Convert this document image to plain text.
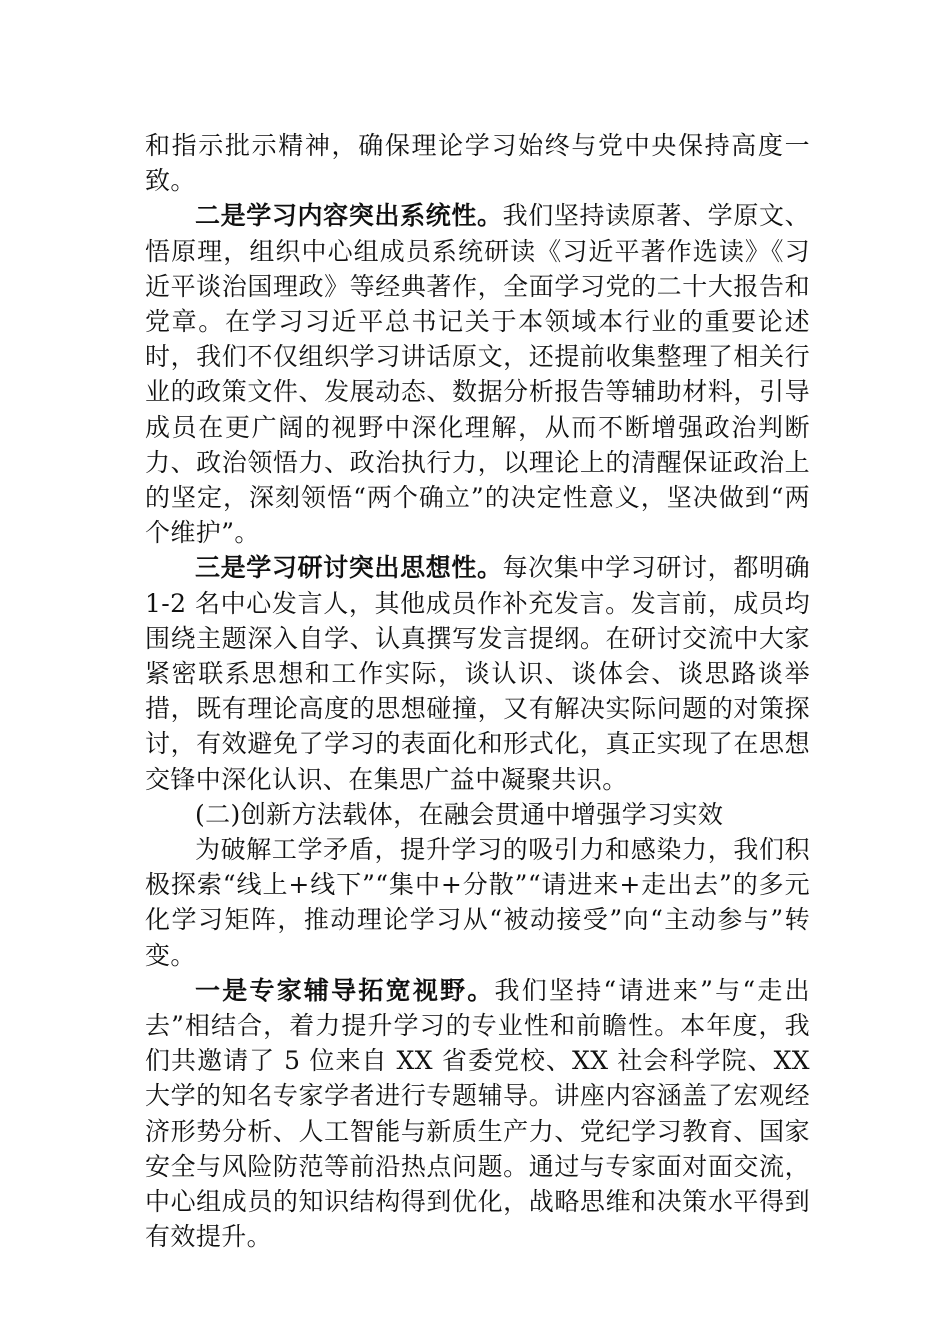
和指示批示精神，确保理论学习始终与党中央保持高度一致。

二是学习内容突出系统性。我们坚持读原著、学原文、悟原理，组织中心组成员系统研读《习近平著作选读》《习近平谈治国理政》等经典著作，全面学习党的二十大报告和党章。在学习习近平总书记关于本领域本行业的重要论述时，我们不仅组织学习讲话原文，还提前收集整理了相关行业的政策文件、发展动态、数据分析报告等辅助材料，引导成员在更广阔的视野中深化理解，从而不断增强政治判断力、政治领悟力、政治执行力，以理论上的清醒保证政治上的坚定，深刻领悟“两个确立”的决定性意义，坚决做到“两个维护”。

三是学习研讨突出思想性。每次集中学习研讨，都明确 1-2 名中心发言人，其他成员作补充发言。发言前，成员均围绕主题深入自学、认真撰写发言提纲。在研讨交流中大家紧密联系思想和工作实际，谈认识、谈体会、谈思路谈举措，既有理论高度的思想碰撞，又有解决实际问题的对策探讨，有效避免了学习的表面化和形式化，真正实现了在思想交锋中深化认识、在集思广益中凝聚共识。

(二)创新方法载体，在融会贯通中增强学习实效

为破解工学矛盾，提升学习的吸引力和感染力，我们积极探索“线上+线下”“集中+分散”“请进来+走出去”的多元化学习矩阵，推动理论学习从“被动接受”向“主动参与”转变。

一是专家辅导拓宽视野。我们坚持“请进来”与“走出去”相结合，着力提升学习的专业性和前瞻性。本年度，我们共邀请了 5 位来自 XX 省委党校、XX 社会科学院、XX 大学的知名专家学者进行专题辅导。讲座内容涵盖了宏观经济形势分析、人工智能与新质生产力、党纪学习教育、国家安全与风险防范等前沿热点问题。通过与专家面对面交流，中心组成员的知识结构得到优化，战略思维和决策水平得到有效提升。
